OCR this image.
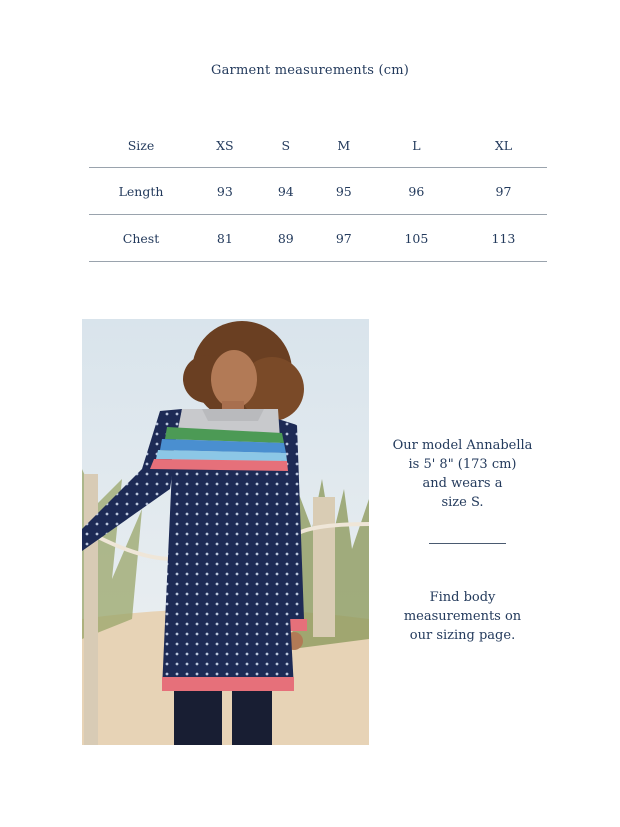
Garment measurements (cm)
Size	XS	S	M	L	XL
Length	93	94	95	96	97
Chest	81	89	97	105	113
Our model Annabella
is 5' 8" (173 cm)
and wears a
size S.
Find body
measurements on
our sizing page.
